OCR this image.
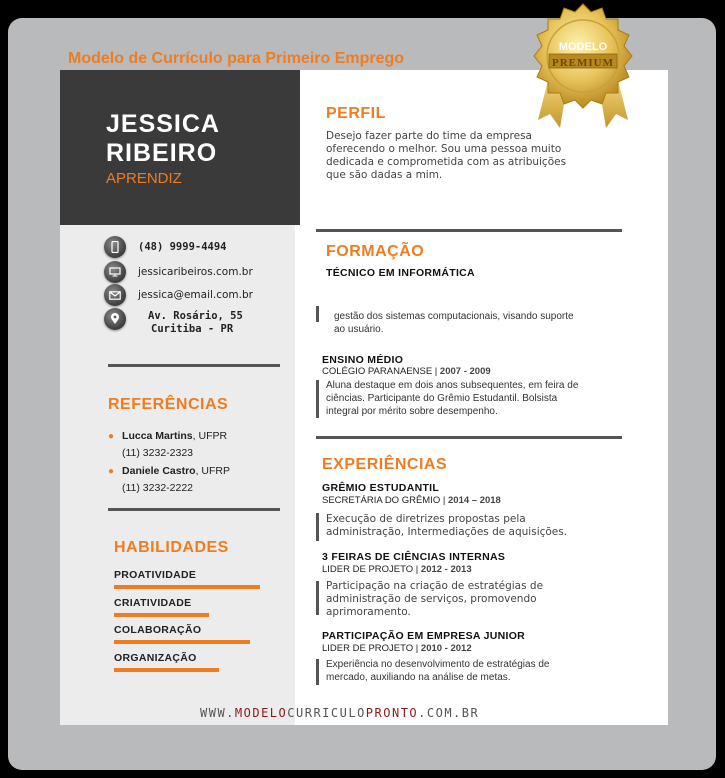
Modelo de Currículo para Primeiro Emprego
JESSICA
RIBEIRO
APRENDIZ
(48) 9999-4494
jessicaribeiros.com.br
jessica@email.com.br
Av. Rosário, 55
Curitiba - PR
REFERÊNCIAS
● Lucca Martins, UFPR
(11) 3232-2323
● Daniele Castro, UFRP
(11) 3232-2222
HABILIDADES
PROATIVIDADE
CRIATIVIDADE
COLABORAÇÃO
ORGANIZAÇÃO
PERFIL
Desejo fazer parte do time da empresa
oferecendo o melhor. Sou uma pessoa muito
dedicada e comprometida com as atribuições
que são dadas a mim.
FORMAÇÃO
TÉCNICO EM INFORMÁTICA
gestão dos sistemas computacionais, visando suporte
ao usuário.
ENSINO MÉDIO
COLÉGIO PARANAENSE | 2007 - 2009
Aluna destaque em dois anos subsequentes, em feira de
ciências. Participante do Grêmio Estudantil. Bolsista
integral por mérito sobre desempenho.
EXPERIÊNCIAS
GRÊMIO ESTUDANTIL
SECRETÁRIA DO GRÊMIO | 2014 – 2018
Execução de diretrizes propostas pela
administração, Intermediações de aquisições.
3 FEIRAS DE CIÊNCIAS INTERNAS
LIDER DE PROJETO | 2012 - 2013
Participação na criação de estratégias de
administração de serviços, promovendo
aprimoramento.
PARTICIPAÇÃO EM EMPRESA JUNIOR
LIDER DE PROJETO | 2010 - 2012
Experiência no desenvolvimento de estratégias de
mercado, auxiliando na análise de metas.
WWW.MODELOCURRICULOPRONTO.COM.BR
MODELO
PREMIUM
